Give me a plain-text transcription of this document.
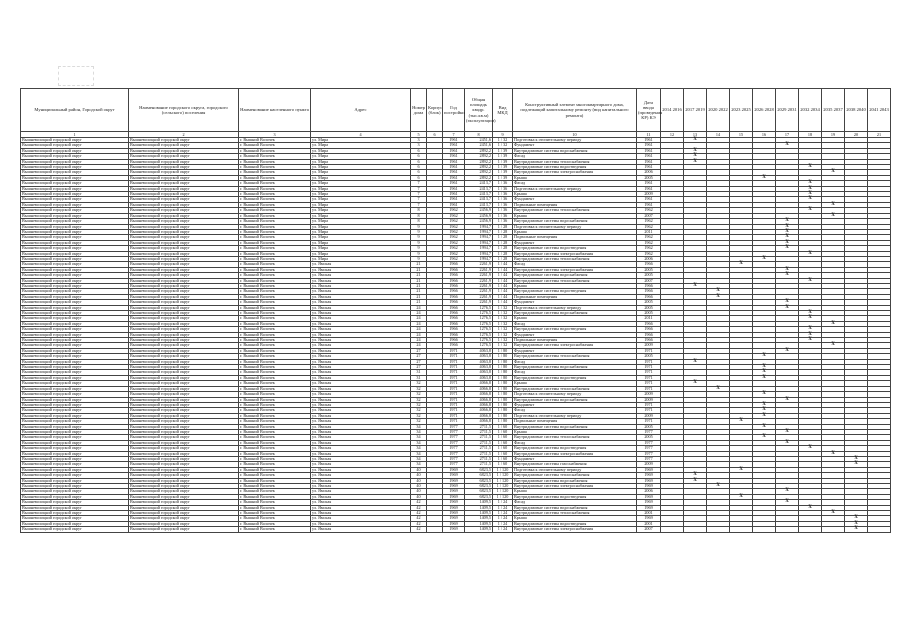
Муниципальный район, Городской округ	Наименование городского округа, городского (сельского) поселения	Наименование населенного пункта	Адрес	Номер дома	Корпус (блок)	Год постройки	Общая площадь квадр. (тыс.кв.м) (эксплуатации)	Вид МКД	Конструктивный элемент многоквартирного дома, подлежащий капитальному ремонту (вид капитального ремонта)	Дата ввода (проведения КР) КЭ	2014 2016	2017 2019	2020 2022	2023 2025	2026 2028	2029 2031	2032 2034	2035 2037	2038 2040	2041 2043
1	2	3	4	5	6	7	8	9	10	11	12	13	14	15	16	17	18	19	20	21
Вышневолоцкий городской округ	Вышневолоцкий городской округ	г. Вышний Волочек	ул. Мира	3		1961	2451,6	1 / 32	Подготовка к отопительному периоду	1961		X								
Вышневолоцкий городской округ	Вышневолоцкий городской округ	г. Вышний Волочек	ул. Мира	3		1961	2451,6	1 / 32	Фундамент	1961						X				
Вышневолоцкий городской округ	Вышневолоцкий городской округ	г. Вышний Волочек	ул. Мира	6		1961	2892,2	1 / 39	Внутридомовые системы водоснабжения	1961		X								
Вышневолоцкий городской округ	Вышневолоцкий городской округ	г. Вышний Волочек	ул. Мира	6		1961	2892,2	1 / 39	Фасад	1961		X								
Вышневолоцкий городской округ	Вышневолоцкий городской округ	г. Вышний Волочек	ул. Мира	6		1961	2892,2	1 / 39	Внутридомовые системы теплоснабжения	1961		X								
Вышневолоцкий городской округ	Вышневолоцкий городской округ	г. Вышний Волочек	ул. Мира	6		1961	2892,2	1 / 39	Внутридомовые системы водоотведения	1961							X			
Вышневолоцкий городской округ	Вышневолоцкий городской округ	г. Вышний Волочек	ул. Мира	6		1961	2892,2	1 / 39	Внутридомовые системы электроснабжения	2006								X		
Вышневолоцкий городской округ	Вышневолоцкий городской округ	г. Вышний Волочек	ул. Мира	6		1961	2892,2	1 / 39	Крыша	2005					X					
Вышневолоцкий городской округ	Вышневолоцкий городской округ	г. Вышний Волочек	ул. Мира	7		1961	2413,7	1 / 36	Фасад	1961							X			
Вышневолоцкий городской округ	Вышневолоцкий городской округ	г. Вышний Волочек	ул. Мира	7		1961	2413,7	1 / 36	Подготовка к отопительному периоду	1961							X			
Вышневолоцкий городской округ	Вышневолоцкий городской округ	г. Вышний Волочек	ул. Мира	7		1961	2413,7	1 / 36	Крыша	2009							X			
Вышневолоцкий городской округ	Вышневолоцкий городской округ	г. Вышний Волочек	ул. Мира	7		1961	2413,7	1 / 36	Фундамент	1961							X			
Вышневолоцкий городской округ	Вышневолоцкий городской округ	г. Вышний Волочек	ул. Мира	7		1961	2413,7	1 / 36	Подвальные помещения	1961								X		
Вышневолоцкий городской округ	Вышневолоцкий городской округ	г. Вышний Волочек	ул. Мира	8		1962	2456,9	1 / 36	Внутридомовые системы теплоснабжения	1962							X			
Вышневолоцкий городской округ	Вышневолоцкий городской округ	г. Вышний Волочек	ул. Мира	8		1962	2456,9	1 / 36	Крыша	2007								X		
Вышневолоцкий городской округ	Вышневолоцкий городской округ	г. Вышний Волочек	ул. Мира	8		1962	2456,9	1 / 36	Внутридомовые системы водоснабжения	1962						X				
Вышневолоцкий городской округ	Вышневолоцкий городской округ	г. Вышний Волочек	ул. Мира	9		1962	1994,7	1 / 28	Подготовка к отопительному периоду	1962						X				
Вышневолоцкий городской округ	Вышневолоцкий городской округ	г. Вышний Волочек	ул. Мира	9		1962	1994,7	1 / 28	Крыша	2011						X				
Вышневолоцкий городской округ	Вышневолоцкий городской округ	г. Вышний Волочек	ул. Мира	9		1962	1994,7	1 / 28	Подвальные помещения	1962						X				
Вышневолоцкий городской округ	Вышневолоцкий городской округ	г. Вышний Волочек	ул. Мира	9		1962	1994,7	1 / 28	Фундамент	1962						X				
Вышневолоцкий городской округ	Вышневолоцкий городской округ	г. Вышний Волочек	ул. Мира	9		1962	1994,7	1 / 28	Внутридомовые системы водоотведения	1962						X				
Вышневолоцкий городской округ	Вышневолоцкий городской округ	г. Вышний Волочек	ул. Мира	9		1962	1994,7	1 / 28	Внутридомовые системы электроснабжения	1962							X			
Вышневолоцкий городской округ	Вышневолоцкий городской округ	г. Вышний Волочек	ул. Мира	9		1962	1994,7	1 / 28	Внутридомовые системы теплоснабжения	2006					X					
Вышневолоцкий городской округ	Вышневолоцкий городской округ	г. Вышний Волочек	ул. Ямская	21		1966	2261,9	1 / 44	Фасад	1966				X						
Вышневолоцкий городской округ	Вышневолоцкий городской округ	г. Вышний Волочек	ул. Ямская	21		1966	2261,9	1 / 44	Внутридомовые системы электроснабжения	2005						X				
Вышневолоцкий городской округ	Вышневолоцкий городской округ	г. Вышний Волочек	ул. Ямская	21		1966	2261,9	1 / 44	Внутридомовые системы водоснабжения	2005						X				
Вышневолоцкий городской округ	Вышневолоцкий городской округ	г. Вышний Волочек	ул. Ямская	21		1966	2261,9	1 / 44	Внутридомовые системы теплоснабжения	2007							X			
Вышневолоцкий городской округ	Вышневолоцкий городской округ	г. Вышний Волочек	ул. Ямская	21		1966	2261,9	1 / 44	Крыша	1966		X								
Вышневолоцкий городской округ	Вышневолоцкий городской округ	г. Вышний Волочек	ул. Ямская	21		1966	2261,9	1 / 44	Внутридомовые системы водоотведения	1966			X							
Вышневолоцкий городской округ	Вышневолоцкий городской округ	г. Вышний Волочек	ул. Ямская	21		1966	2261,9	1 / 44	Подвальные помещения	1966			X							
Вышневолоцкий городской округ	Вышневолоцкий городской округ	г. Вышний Волочек	ул. Ямская	21		1966	2261,9	1 / 44	Фундамент	2005						X				
Вышневолоцкий городской округ	Вышневолоцкий городской округ	г. Вышний Волочек	ул. Ямская	24		1966	1276,5	1 / 32	Подготовка к отопительному периоду	2005						X				
Вышневолоцкий городской округ	Вышневолоцкий городской округ	г. Вышний Волочек	ул. Ямская	24		1966	1276,5	1 / 32	Внутридомовые системы водоснабжения	2005							X			
Вышневолоцкий городской округ	Вышневолоцкий городской округ	г. Вышний Волочек	ул. Ямская	24		1966	1276,5	1 / 32	Крыша	2011							X			
Вышневолоцкий городской округ	Вышневолоцкий городской округ	г. Вышний Волочек	ул. Ямская	24		1966	1276,5	1 / 32	Фасад	1966								X		
Вышневолоцкий городской округ	Вышневолоцкий городской округ	г. Вышний Волочек	ул. Ямская	24		1966	1276,5	1 / 32	Внутридомовые системы водоотведения	1966							X			
Вышневолоцкий городской округ	Вышневолоцкий городской округ	г. Вышний Волочек	ул. Ямская	24		1966	1276,5	1 / 32	Фундамент	1966							X			
Вышневолоцкий городской округ	Вышневолоцкий городской округ	г. Вышний Волочек	ул. Ямская	24		1966	1276,5	1 / 32	Подвальные помещения	1966							X			
Вышневолоцкий городской округ	Вышневолоцкий городской округ	г. Вышний Волочек	ул. Ямская	24		1966	1276,5	1 / 32	Внутридомовые системы электроснабжения	2009								X		
Вышневолоцкий городской округ	Вышневолоцкий городской округ	г. Вышний Волочек	ул. Ямская	27		1971	4063,8	1 / 80	Фундамент	1971						X				
Вышневолоцкий городской округ	Вышневолоцкий городской округ	г. Вышний Волочек	ул. Ямская	27		1971	4063,8	1 / 80	Внутридомовые системы теплоснабжения	2005					X					
Вышневолоцкий городской округ	Вышневолоцкий городской округ	г. Вышний Волочек	ул. Ямская	27		1971	4063,8	1 / 80	Фасад	1971		X								
Вышневолоцкий городской округ	Вышневолоцкий городской округ	г. Вышний Волочек	ул. Ямская	27		1971	4063,8	1 / 80	Внутридомовые системы водоснабжения	1971					X					
Вышневолоцкий городской округ	Вышневолоцкий городской округ	г. Вышний Волочек	ул. Ямская	31		1971	4063,8	1 / 80	Фасад	1971					X					
Вышневолоцкий городской округ	Вышневолоцкий городской округ	г. Вышний Волочек	ул. Ямская	31		1971	4063,8	1 / 80	Внутридомовые системы водоотведения	1971					X					
Вышневолоцкий городской округ	Вышневолоцкий городской округ	г. Вышний Волочек	ул. Ямская	32		1971	4066,8	1 / 80	Крыша	1971		X								
Вышневолоцкий городской округ	Вышневолоцкий городской округ	г. Вышний Волочек	ул. Ямская	32		1971	4066,8	1 / 80	Внутридомовые системы теплоснабжения	1971			X							
Вышневолоцкий городской округ	Вышневолоцкий городской округ	г. Вышний Волочек	ул. Ямская	32		1971	4066,8	1 / 80	Подготовка к отопительному периоду	2009					X					
Вышневолоцкий городской округ	Вышневолоцкий городской округ	г. Вышний Волочек	ул. Ямская	32		1971	4066,8	1 / 80	Внутридомовые системы водоснабжения	2009						X				
Вышневолоцкий городской округ	Вышневолоцкий городской округ	г. Вышний Волочек	ул. Ямская	32		1971	4066,8	1 / 80	Фундамент	1971					X					
Вышневолоцкий городской округ	Вышневолоцкий городской округ	г. Вышний Волочек	ул. Ямская	32		1971	4066,8	1 / 80	Фасад	1971					X					
Вышневолоцкий городской округ	Вышневолоцкий городской округ	г. Вышний Волочек	ул. Ямская	32		1971	4066,8	1 / 80	Подготовка к отопительному периоду	2009					X					
Вышневолоцкий городской округ	Вышневолоцкий городской округ	г. Вышний Волочек	ул. Ямская	32		1971	4066,8	1 / 80	Подвальные помещения	1971				X						
Вышневолоцкий городской округ	Вышневолоцкий городской округ	г. Вышний Волочек	ул. Ямская	34		1977	2711,5	1 / 60	Внутридомовые системы водоснабжения	2005					X					
Вышневолоцкий городской округ	Вышневолоцкий городской округ	г. Вышний Волочек	ул. Ямская	34		1977	2711,5	1 / 60	Крыша	1977						X				
Вышневолоцкий городской округ	Вышневолоцкий городской округ	г. Вышний Волочек	ул. Ямская	34		1977	2711,5	1 / 60	Внутридомовые системы теплоснабжения	2005					X					
Вышневолоцкий городской округ	Вышневолоцкий городской округ	г. Вышний Волочек	ул. Ямская	34		1977	2711,5	1 / 60	Фасад	1977						X				
Вышневолоцкий городской округ	Вышневолоцкий городской округ	г. Вышний Волочек	ул. Ямская	34		1977	2711,5	1 / 60	Внутридомовые системы водоотведения	1977							X			
Вышневолоцкий городской округ	Вышневолоцкий городской округ	г. Вышний Волочек	ул. Ямская	34		1977	2711,5	1 / 60	Внутридомовые системы электроснабжения	1977								X		
Вышневолоцкий городской округ	Вышневолоцкий городской округ	г. Вышний Волочек	ул. Ямская	34		1977	2711,5	1 / 60	Фундамент	1977									X	
Вышневолоцкий городской округ	Вышневолоцкий городской округ	г. Вышний Волочек	ул. Ямская	34		1977	2711,5	1 / 60	Внутридомовые системы газоснабжения	2009									X	
Вышневолоцкий городской округ	Вышневолоцкий городской округ	г. Вышний Волочек	ул. Ямская	40		1969	6823,5	1 / 120	Подготовка к отопительному периоду	1969				X						
Вышневолоцкий городской округ	Вышневолоцкий городской округ	г. Вышний Волочек	ул. Ямская	40		1969	6823,5	1 / 120	Внутридомовые системы теплоснабжения	1969		X								
Вышневолоцкий городской округ	Вышневолоцкий городской округ	г. Вышний Волочек	ул. Ямская	40		1969	6823,5	1 / 120	Внутридомовые системы водоснабжения	1969		X								
Вышневолоцкий городской округ	Вышневолоцкий городской округ	г. Вышний Волочек	ул. Ямская	40		1969	6823,5	1 / 120	Внутридомовые системы электроснабжения	1969			X							
Вышневолоцкий городской округ	Вышневолоцкий городской округ	г. Вышний Волочек	ул. Ямская	40		1969	6823,5	1 / 120	Крыша	2006						X				
Вышневолоцкий городской округ	Вышневолоцкий городской округ	г. Вышний Волочек	ул. Ямская	40		1969	6823,5	1 / 120	Внутридомовые системы водоотведения	1969				X						
Вышневолоцкий городской округ	Вышневолоцкий городской округ	г. Вышний Волочек	ул. Ямская	42		1969	1409,5	1 / 24	Фасад	1969						X				
Вышневолоцкий городской округ	Вышневолоцкий городской округ	г. Вышний Волочек	ул. Ямская	42		1969	1409,5	1 / 24	Внутридомовые системы водоснабжения	1969							X			
Вышневолоцкий городской округ	Вышневолоцкий городской округ	г. Вышний Волочек	ул. Ямская	42		1969	1409,5	1 / 24	Внутридомовые системы теплоснабжения	2001								X		
Вышневолоцкий городской округ	Вышневолоцкий городской округ	г. Вышний Волочек	ул. Ямская	42		1969	1409,5	1 / 24	Крыша	1969									X	
Вышневолоцкий городской округ	Вышневолоцкий городской округ	г. Вышний Волочек	ул. Ямская	42		1969	1409,5	1 / 24	Внутридомовые системы водоотведения	2001									X	
Вышневолоцкий городской округ	Вышневолоцкий городской округ	г. Вышний Волочек	ул. Ямская	42		1969	1409,5	1 / 24	Внутридомовые системы электроснабжения	2007									X	
